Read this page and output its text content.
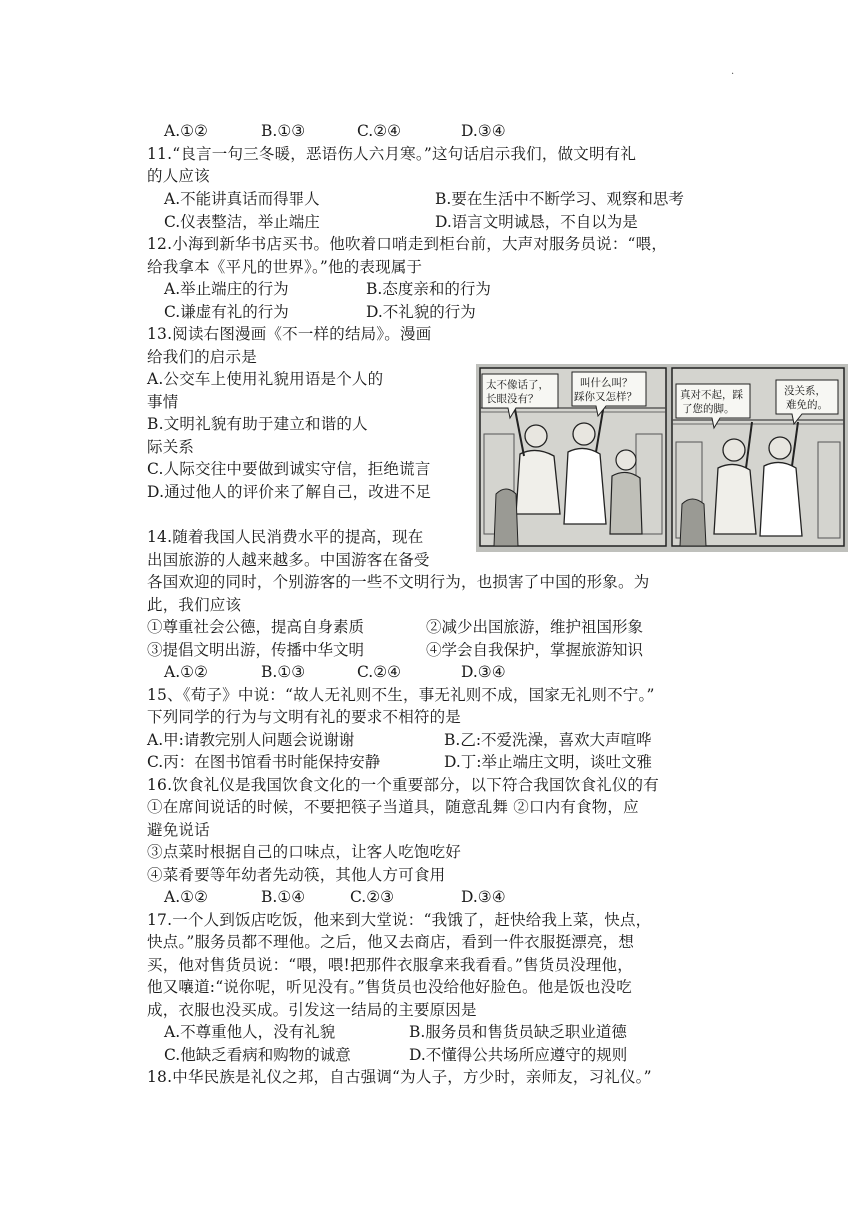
.
A.①②	B.①③	C.②④	D.③④
11.“良言一句三冬暖，恶语伤人六月寒。”这句话启示我们，做文明有礼
的人应该
A.不能讲真话而得罪人	B.要在生活中不断学习、观察和思考
C.仪表整洁，举止端庄	D.语言文明诚恳，不自以为是
12.小海到新华书店买书。他吹着口哨走到柜台前，大声对服务员说：“喂，
给我拿本《平凡的世界》。”他的表现属于
A.举止端庄的行为	B.态度亲和的行为
C.谦虚有礼的行为	D.不礼貌的行为
13.阅读右图漫画《不一样的结局》。漫画
给我们的启示是
A.公交车上使用礼貌用语是个人的
事情
B.文明礼貌有助于建立和谐的人
际关系
C.人际交往中要做到诚实守信，拒绝谎言
D.通过他人的评价来了解自己，改进不足
太不像话了，
长眼没有？
叫什么叫？
踩你又怎样？	真对不起，踩
了您的脚。
没关系，
难免的。
14.随着我国人民消费水平的提高，现在
出国旅游的人越来越多。中国游客在备受
各国欢迎的同时，个别游客的一些不文明行为，也损害了中国的形象。为
此，我们应该
①尊重社会公德，提高自身素质	②减少出国旅游，维护祖国形象
③提倡文明出游，传播中华文明	④学会自我保护，掌握旅游知识
A.①②	B.①③	C.②④	D.③④
15、《荀子》中说：“故人无礼则不生，事无礼则不成，国家无礼则不宁。”
下列同学的行为与文明有礼的要求不相符的是
A.甲:请教完别人问题会说谢谢	B.乙:不爱洗澡，喜欢大声喧哗
C.丙：在图书馆看书时能保持安静	D.丁:举止端庄文明，谈吐文雅
16.饮食礼仪是我国饮食文化的一个重要部分，以下符合我国饮食礼仪的有
①在席间说话的时候，不要把筷子当道具，随意乱舞 ②口内有食物，应
避免说话
③点菜时根据自己的口味点，让客人吃饱吃好
④菜肴要等年幼者先动筷，其他人方可食用
A.①②	B.①④	C.②③	D.③④
17.一个人到饭店吃饭，他来到大堂说：“我饿了，赶快给我上菜，快点，
快点。”服务员都不理他。之后，他又去商店，看到一件衣服挺漂亮，想
买，他对售货员说：“喂，喂!把那件衣服拿来我看看。”售货员没理他，
他又嚷道:“说你呢，听见没有。”售货员也没给他好脸色。他是饭也没吃
成，衣服也没买成。引发这一结局的主要原因是
A.不尊重他人，没有礼貌	B.服务员和售货员缺乏职业道德
C.他缺乏看病和购物的诚意	D.不懂得公共场所应遵守的规则
18.中华民族是礼仪之邦，自古强调“为人子，方少时，亲师友，习礼仪。”
